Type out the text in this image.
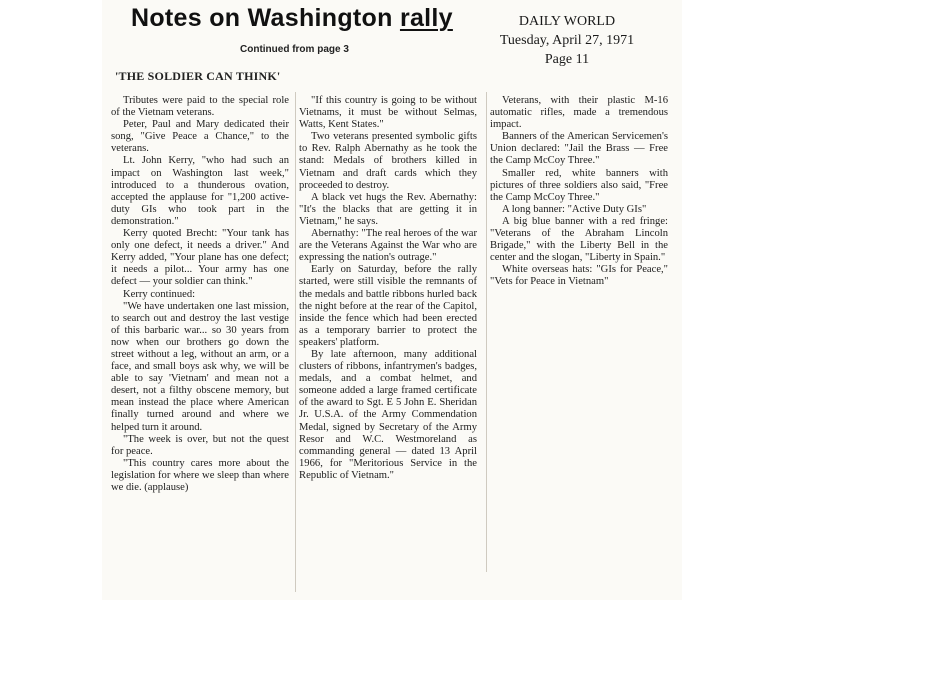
Notes on Washington rally
Continued from page 3
DAILY WORLD
Tuesday, April 27, 1971
Page 11
'THE SOLDIER CAN THINK'

Tributes were paid to the special role of the Vietnam veterans.

Peter, Paul and Mary dedicated their song, "Give Peace a Chance," to the veterans.

Lt. John Kerry, "who had such an impact on Washington last week," introduced to a thunderous ovation, accepted the applause for "1,200 active-duty GIs who took part in the demonstration."

Kerry quoted Brecht: "Your tank has only one defect, it needs a driver." And Kerry added, "Your plane has one defect; it needs a pilot... Your army has one defect — your soldier can think."

Kerry continued:

"We have undertaken one last mission, to search out and destroy the last vestige of this barbaric war... so 30 years from now when our brothers go down the street without a leg, without an arm, or a face, and small boys ask why, we will be able to say 'Vietnam' and mean not a desert, not a filthy obscene memory, but mean instead the place where American finally turned around and where we helped turn it around.

"The week is over, but not the quest for peace.

"This country cares more about the legislation for where we sleep than where we die. (applause)

"If this country is going to be without Vietnams, it must be without Selmas, Watts, Kent States."

Two veterans presented symbolic gifts to Rev. Ralph Abernathy as he took the stand: Medals of brothers killed in Vietnam and draft cards which they proceeded to destroy.

A black vet hugs the Rev. Abernathy: "It's the blacks that are getting it in Vietnam," he says.

Abernathy: "The real heroes of the war are the Veterans Against the War who are expressing the nation's outrage."

Early on Saturday, before the rally started, were still visible the remnants of the medals and battle ribbons hurled back the night before at the rear of the Capitol, inside the fence which had been erected as a temporary barrier to protect the speakers' platform.

By late afternoon, many additional clusters of ribbons, infantrymen's badges, medals, and a combat helmet, and someone added a large framed certificate of the award to Sgt. E 5 John E. Sheridan Jr. U.S.A. of the Army Commendation Medal, signed by Secretary of the Army Resor and W.C. Westmoreland as commanding general — dated 13 April 1966, for "Meritorious Service in the Republic of Vietnam."

Veterans, with their plastic M-16 automatic rifles, made a tremendous impact.

Banners of the American Servicemen's Union declared: "Jail the Brass — Free the Camp McCoy Three."

Smaller red, white banners with pictures of three soldiers also said, "Free the Camp McCoy Three."

A long banner: "Active Duty GIs"

A big blue banner with a red fringe: "Veterans of the Abraham Lincoln Brigade," with the Liberty Bell in the center and the slogan, "Liberty in Spain."

White overseas hats: "GIs for Peace," "Vets for Peace in Vietnam"
